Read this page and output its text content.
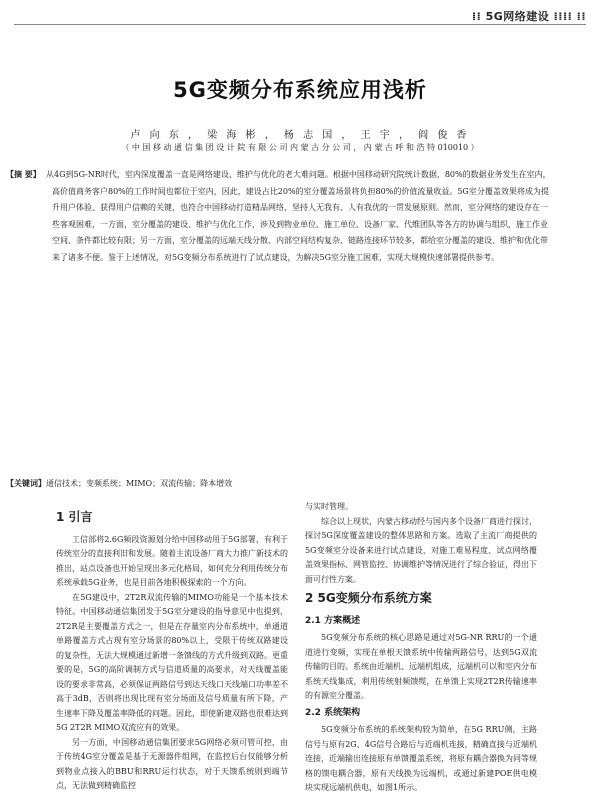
⁞⁞ 5G网络建设 ⁞⁞⁞⁞ ⁞⁞
5G变频分布系统应用浅析
卢 向 东 ， 梁 海 彬 ， 杨 志 国 ， 王 宇 ， 阎 俊 香
（ 中 国 移 动 通 信 集 团 设 计 院 有 限 公 司 内 蒙 古 分 公 司 ， 内 蒙 古 呼 和 浩 特 010010 ）

【摘 要】 从4G到5G-NR时代，室内深度覆盖一直是网络建设、维护与优化的老大难问题。根据中国移动研究院统计数据，80%的数据业务发生在室内，高价值商务客户80%的工作时间也都位于室内，因此，建设占比20%的室分覆盖场景将负担80%的价值流量收益。5G室分覆盖效果将成为提升用户体验、获得用户信赖的关键，也符合中国移动打造精品网络，坚持人无我有、人有我优的一贯发展原则。然而，室分网络的建设存在一些客观困难，一方面，室分覆盖的建设、维护与优化工作，涉及到物业单位、施工单位、设备厂家、代维团队等各方的协调与组织，施工作业空间、条件都比较有限；另一方面，室分覆盖的远端天线分散、内部空间结构复杂、链路连接环节较多，都给室分覆盖的建设、维护和优化带来了诸多不便。鉴于上述情况，对5G变频分布系统进行了试点建设，为解决5G室分施工困难，实现大规模快速部署提供参考。

【关键词】通信技术；变频系统；MIMO；双流传输；降本增效
1 引言

工信部将2.6G频段资源划分给中国移动用于5G部署，有利于传统室分的直接利旧和发展。随着主流设备厂商大力推广新技术的推出，站点设备也开始呈现出多元化格局，如何充分利用传统分布系统承载5G业务，也是目前各地积极探索的一个方向。

在5G建设中，2T2R双流传输的MIMO功能是一个基本技术特征。中国移动通信集团发于5G室分建设的指导意见中也提到，2T2R是主要覆盖方式之一，但是在存量室内分布系统中，单通道单路覆盖方式占现有室分场景的80%以上，受限于传统双路建设的复杂性，无法大规模通过新增一条馈线的方式升级到双路。更重要的是，5G的高阶调制方式与信道质量的高要求，对天线覆盖能设的要求非常高，必须保证两路信号到达天线口天线端口功率差不高于3dB，否则将出现比现有室分场面及信号质量有所下降，产生速率下降及覆盖率降低的问题。因此，即使新建双路也很难达到5G 2T2R MIMO双流应有的效果。

另一方面，中国移动通信集团要求5G网络必须可管可控，由于传统4G室分覆盖是基于无源器件组网，在监控后台仅能够分析到物业点接入的BBU和RRU运行状态，对于天馈系统则到端节点，无法做到精确监控

与实时管理。

综合以上现状，内蒙古移动经与国内多个设备厂商进行探讨，探讨5G深度覆盖建设的整体思路和方案。选取了主流厂商提供的5G变频室分设备来进行试点建设，对施工难易程度、试点网络覆盖效果指标、网管监控、协调维护等情况进行了综合验证，得出下面可行性方案。

2 5G变频分布系统方案
2.1 方案概述

5G变频分布系统的核心思路是通过对5G-NR RRU的一个通道进行变频，实现在单根天馈系统中传输两路信号，达到5G双流传输的目的。系统由近端机、远端机组成，远端机可以和室内分布系统天线集成，利用传统射频馈缆，在单馈上实现2T2R传输速率的有源室分覆盖。

2.2 系统架构

5G变频分布系统的系统架构较为简单，在5G RRU侧，主路信号与原有2G、4G信号合路后与近端机连接，精确直接与近端机连接，近端输出连接原有单馈覆盖系统，将原有耦合器换为同等规格的馈电耦合器，原有天线换为远端机，或通过新建POE供电模块实现远端机供电，如图1所示。
